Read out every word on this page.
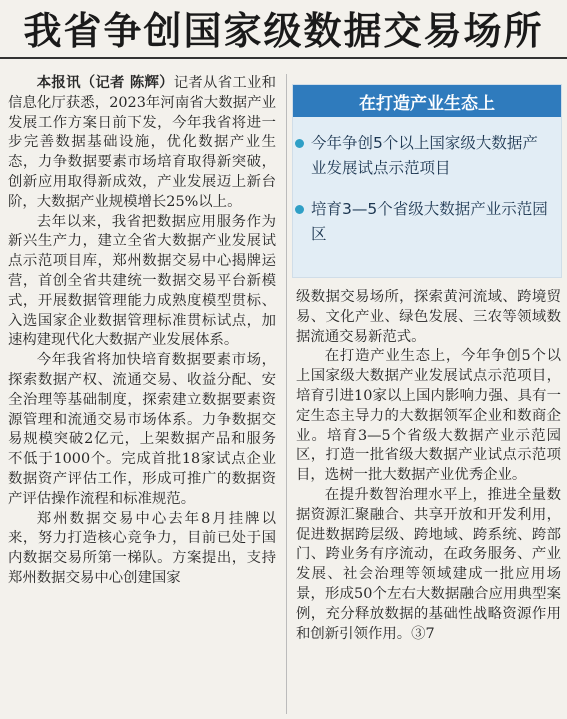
我省争创国家级数据交易场所

本报讯（记者 陈辉）记者从省工业和信息化厅获悉，2023年河南省大数据产业发展工作方案日前下发，今年我省将进一步完善数据基础设施，优化数据产业生态，力争数据要素市场培育取得新突破，创新应用取得新成效，产业发展迈上新台阶，大数据产业规模增长25%以上。

去年以来，我省把数据应用服务作为新兴生产力，建立全省大数据产业发展试点示范项目库，郑州数据交易中心揭牌运营，首创全省共建统一数据交易平台新模式，开展数据管理能力成熟度模型贯标、入选国家企业数据管理标准贯标试点，加速构建现代化大数据产业发展体系。

今年我省将加快培育数据要素市场，探索数据产权、流通交易、收益分配、安全治理等基础制度，探索建立数据要素资源管理和流通交易市场体系。力争数据交易规模突破2亿元，上架数据产品和服务不低于1000个。完成首批18家试点企业数据资产评估工作，形成可推广的数据资产评估操作流程和标准规范。

郑州数据交易中心去年8月挂牌以来，努力打造核心竞争力，目前已处于国内数据交易所第一梯队。方案提出，支持郑州数据交易中心创建国家

在打造产业生态上
今年争创5个以上国家级大数据产业发展试点示范项目
培育3—5个省级大数据产业示范园区

级数据交易场所，探索黄河流域、跨境贸易、文化产业、绿色发展、三农等领域数据流通交易新范式。

在打造产业生态上，今年争创5个以上国家级大数据产业发展试点示范项目，培育引进10家以上国内影响力强、具有一定生态主导力的大数据领军企业和数商企业。培育3—5个省级大数据产业示范园区，打造一批省级大数据产业试点示范项目，选树一批大数据产业优秀企业。

在提升数智治理水平上，推进全量数据资源汇聚融合、共享开放和开发利用，促进数据跨层级、跨地域、跨系统、跨部门、跨业务有序流动，在政务服务、产业发展、社会治理等领域建成一批应用场景，形成50个左右大数据融合应用典型案例，充分释放数据的基础性战略资源作用和创新引领作用。③7
